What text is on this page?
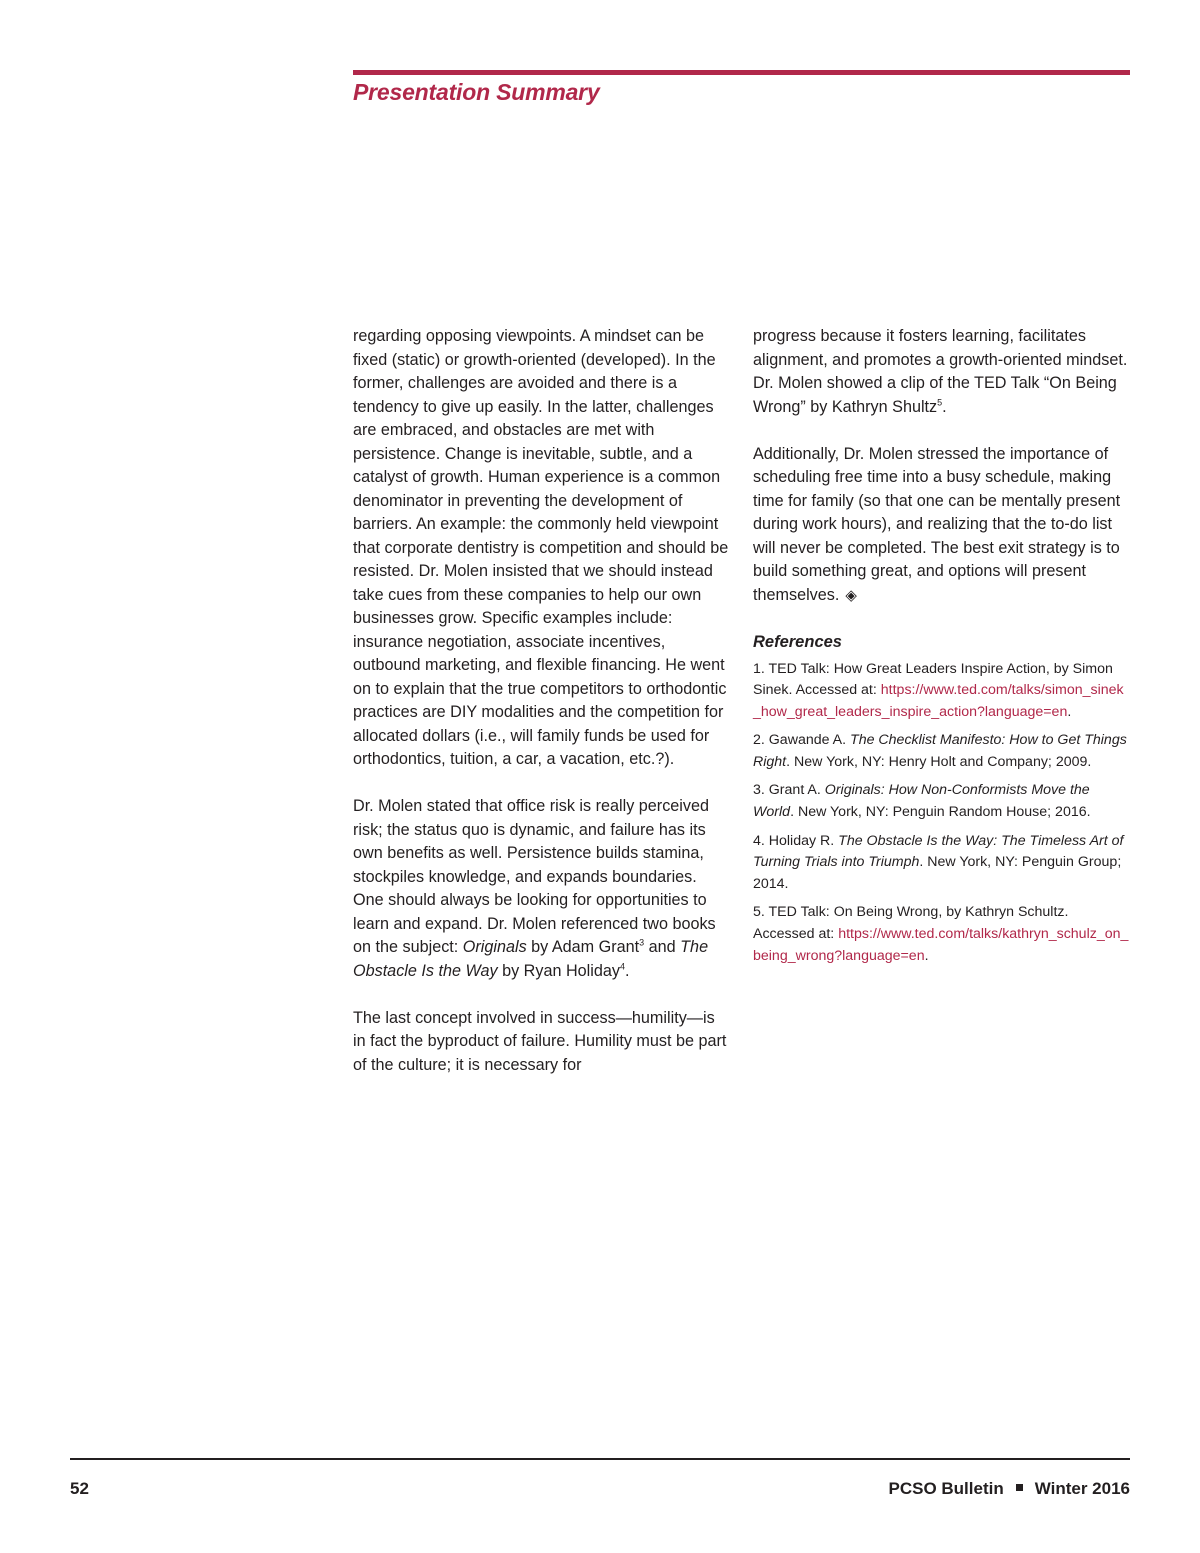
Presentation Summary

regarding opposing viewpoints. A mindset can be fixed (static) or growth-oriented (developed). In the former, challenges are avoided and there is a tendency to give up easily. In the latter, challenges are embraced, and obstacles are met with persistence. Change is inevitable, subtle, and a catalyst of growth. Human experience is a common denominator in preventing the development of barriers. An example: the commonly held viewpoint that corporate dentistry is competition and should be resisted. Dr. Molen insisted that we should instead take cues from these companies to help our own businesses grow. Specific examples include: insurance negotiation, associate incentives, outbound marketing, and flexible financing. He went on to explain that the true competitors to orthodontic practices are DIY modalities and the competition for allocated dollars (i.e., will family funds be used for orthodontics, tuition, a car, a vacation, etc.?).

Dr. Molen stated that office risk is really perceived risk; the status quo is dynamic, and failure has its own benefits as well. Persistence builds stamina, stockpiles knowledge, and expands boundaries. One should always be looking for opportunities to learn and expand. Dr. Molen referenced two books on the subject: Originals by Adam Grant$^3$ and The Obstacle Is the Way by Ryan Holiday$^4$.

The last concept involved in success—humility—is in fact the byproduct of failure. Humility must be part of the culture; it is necessary for

progress because it fosters learning, facilitates alignment, and promotes a growth-oriented mindset. Dr. Molen showed a clip of the TED Talk “On Being Wrong” by Kathryn Shultz$^5$.

Additionally, Dr. Molen stressed the importance of scheduling free time into a busy schedule, making time for family (so that one can be mentally present during work hours), and realizing that the to-do list will never be completed. The best exit strategy is to build something great, and options will present themselves. ◈

References
1. TED Talk: How Great Leaders Inspire Action, by Simon Sinek. Accessed at: https://www.ted.com/talks/simon_sinek_how_great_leaders_inspire_action?language=en.
2. Gawande A. The Checklist Manifesto: How to Get Things Right. New York, NY: Henry Holt and Company; 2009.
3. Grant A. Originals: How Non-Conformists Move the World. New York, NY: Penguin Random House; 2016.
4. Holiday R. The Obstacle Is the Way: The Timeless Art of Turning Trials into Triumph. New York, NY: Penguin Group; 2014.
5. TED Talk: On Being Wrong, by Kathryn Schultz. Accessed at: https://www.ted.com/talks/kathryn_schulz_on_being_wrong?language=en.
52	PCSO Bulletin Winter 2016
